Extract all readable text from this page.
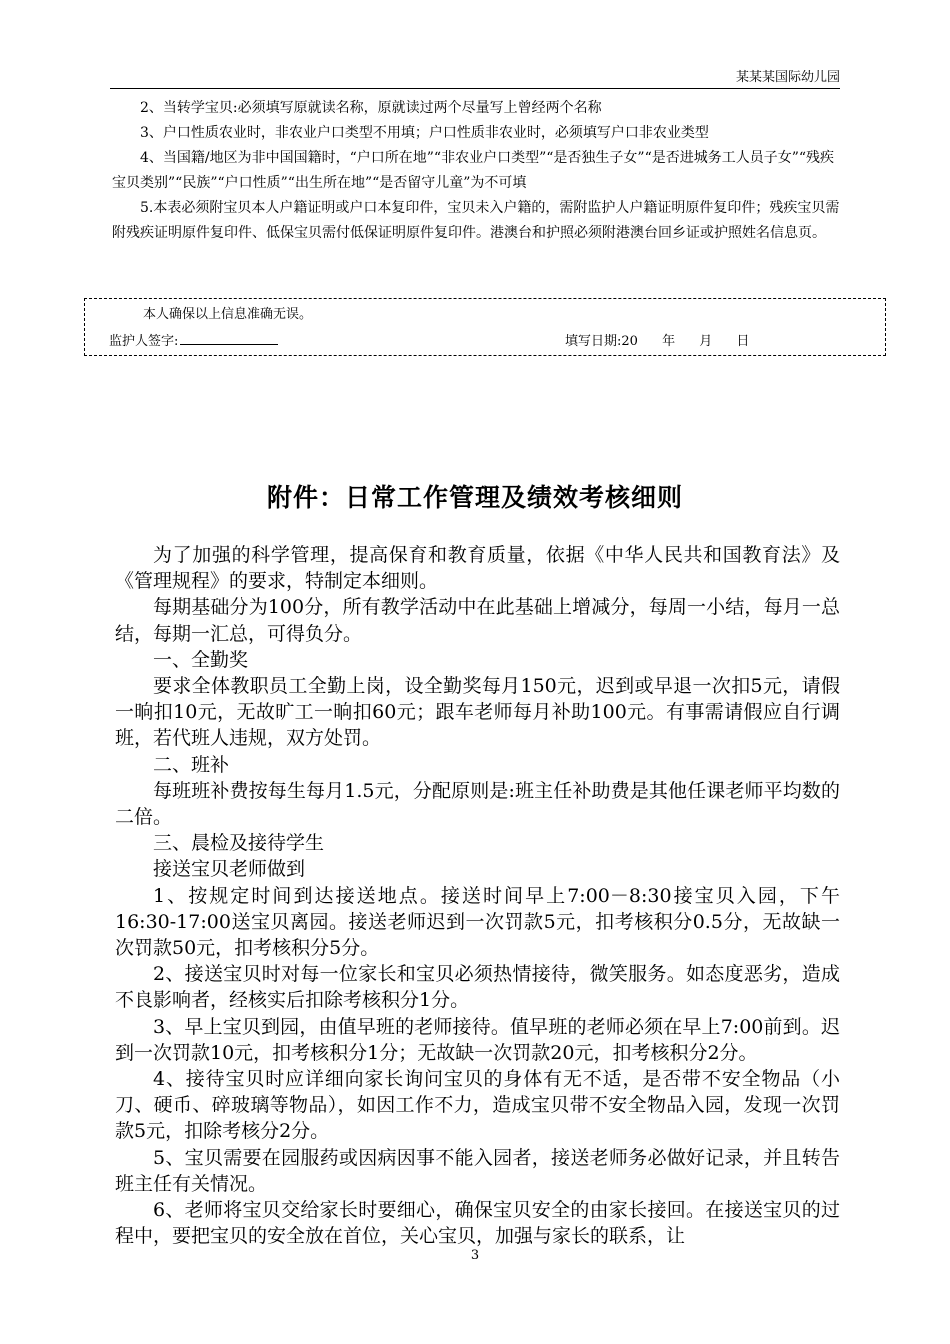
某某某国际幼儿园

2、当转学宝贝:必须填写原就读名称，原就读过两个尽量写上曾经两个名称

3、户口性质农业时，非农业户口类型不用填；户口性质非农业时，必须填写户口非农业类型

4、当国籍/地区为非中国国籍时，“户口所在地”“非农业户口类型”“是否独生子女”“是否进城务工人员子女”“残疾宝贝类别”“民族”“户口性质”“出生所在地”“是否留守儿童”为不可填

5.本表必须附宝贝本人户籍证明或户口本复印件，宝贝未入户籍的，需附监护人户籍证明原件复印件；残疾宝贝需附残疾证明原件复印件、低保宝贝需付低保证明原件复印件。港澳台和护照必须附港澳台回乡证或护照姓名信息页。

本人确保以上信息准确无误。
监护人签字:	填写日期:20 年 月 日
附件：日常工作管理及绩效考核细则

为了加强的科学管理，提高保育和教育质量，依据《中华人民共和国教育法》及《管理规程》的要求，特制定本细则。

每期基础分为100分，所有教学活动中在此基础上增减分，每周一小结，每月一总结，每期一汇总，可得负分。

一、全勤奖

要求全体教职员工全勤上岗，设全勤奖每月150元，迟到或早退一次扣5元，请假一晌扣10元，无故旷工一晌扣60元；跟车老师每月补助100元。有事需请假应自行调班，若代班人违规，双方处罚。

二、班补

每班班补费按每生每月1.5元，分配原则是:班主任补助费是其他任课老师平均数的二倍。

三、晨检及接待学生

接送宝贝老师做到

1、按规定时间到达接送地点。接送时间早上7:00－8:30接宝贝入园，下午16:30-17:00送宝贝离园。接送老师迟到一次罚款5元，扣考核积分0.5分，无故缺一次罚款50元，扣考核积分5分。

2、接送宝贝时对每一位家长和宝贝必须热情接待，微笑服务。如态度恶劣，造成不良影响者，经核实后扣除考核积分1分。

3、早上宝贝到园，由值早班的老师接待。值早班的老师必须在早上7:00前到。迟到一次罚款10元，扣考核积分1分；无故缺一次罚款20元，扣考核积分2分。

4、接待宝贝时应详细向家长询问宝贝的身体有无不适，是否带不安全物品（小刀、硬币、碎玻璃等物品），如因工作不力，造成宝贝带不安全物品入园，发现一次罚款5元，扣除考核分2分。

5、宝贝需要在园服药或因病因事不能入园者，接送老师务必做好记录，并且转告班主任有关情况。

6、老师将宝贝交给家长时要细心，确保宝贝安全的由家长接回。在接送宝贝的过程中，要把宝贝的安全放在首位，关心宝贝，加强与家长的联系，让

3
